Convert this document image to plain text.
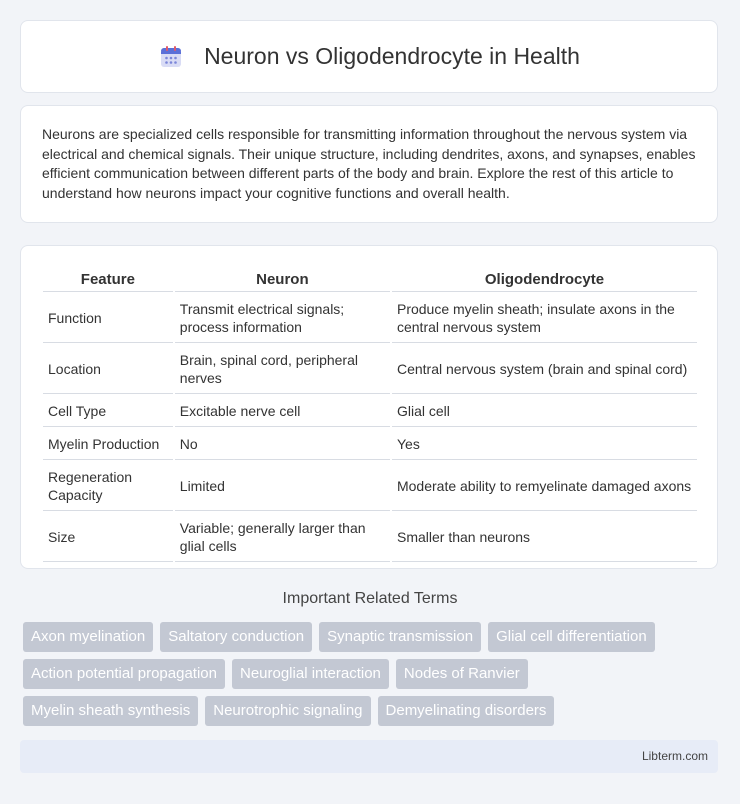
Neuron vs Oligodendrocyte in Health

Neurons are specialized cells responsible for transmitting information throughout the nervous system via electrical and chemical signals. Their unique structure, including dendrites, axons, and synapses, enables efficient communication between different parts of the body and brain. Explore the rest of this article to understand how neurons impact your cognitive functions and overall health.

Feature	Neuron	Oligodendrocyte
Function	Transmit electrical signals; process information	Produce myelin sheath; insulate axons in the central nervous system
Location	Brain, spinal cord, peripheral nerves	Central nervous system (brain and spinal cord)
Cell Type	Excitable nerve cell	Glial cell
Myelin Production	No	Yes
Regeneration Capacity	Limited	Moderate ability to remyelinate damaged axons
Size	Variable; generally larger than glial cells	Smaller than neurons
Important Related Terms
Axon myelination	Saltatory conduction	Synaptic transmission	Glial cell differentiation
Action potential propagation	Neuroglial interaction	Nodes of Ranvier
Myelin sheath synthesis	Neurotrophic signaling	Demyelinating disorders
Libterm.com
